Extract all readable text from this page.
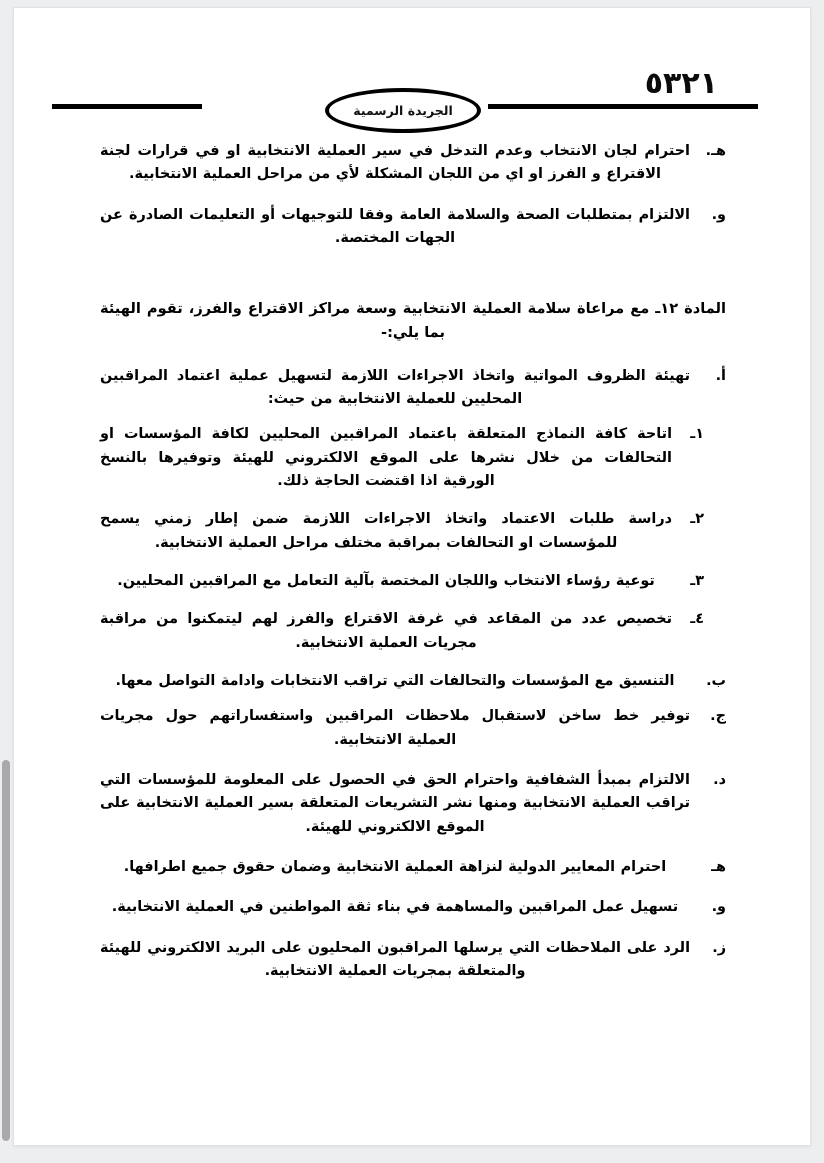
٥٣٢١
الجريدة الرسمية
هـ.
احترام لجان الانتخاب وعدم التدخل في سير العملية الانتخابية او في قرارات لجنة الاقتراع و الفرز او اي من اللجان المشكلة لأي من مراحل العملية الانتخابية.
و.
الالتزام بمتطلبات الصحة والسلامة العامة وفقا للتوجيهات أو التعليمات الصادرة عن الجهات المختصة.
المادة ١٢ـ مع مراعاة سلامة العملية الانتخابية وسعة مراكز الاقتراع والفرز، تقوم الهيئة بما يلي:-
أ.
تهيئة الظروف المواتية واتخاذ الاجراءات اللازمة لتسهيل عملية اعتماد المراقبين المحليين للعملية الانتخابية من حيث:
١ـ
اتاحة كافة النماذج المتعلقة باعتماد المراقبين المحليين لكافة المؤسسات او التحالفات من خلال نشرها على الموقع الالكتروني للهيئة وتوفيرها بالنسخ الورقية اذا اقتضت الحاجة ذلك.
٢ـ
دراسة طلبات الاعتماد واتخاذ الاجراءات اللازمة ضمن إطار زمني يسمح للمؤسسات او التحالفات بمراقبة مختلف مراحل العملية الانتخابية.
٣ـ
توعية رؤساء الانتخاب واللجان المختصة بآلية التعامل مع المراقبين المحليين.
٤ـ
تخصيص عدد من المقاعد في غرفة الاقتراع والفرز لهم ليتمكنوا من مراقبة مجريات العملية الانتخابية.
ب.
التنسيق مع المؤسسات والتحالفات التي تراقب الانتخابات وادامة التواصل معها.
ج.
توفير خط ساخن لاستقبال ملاحظات المراقبين واستفساراتهم حول مجريات العملية الانتخابية.
د.
الالتزام بمبدأ الشفافية واحترام الحق في الحصول على المعلومة للمؤسسات التي تراقب العملية الانتخابية ومنها نشر التشريعات المتعلقة بسير العملية الانتخابية على الموقع الالكتروني للهيئة.
هـ
احترام المعايير الدولية لنزاهة العملية الانتخابية وضمان حقوق جميع اطرافها.
و.
تسهيل عمل المراقبين والمساهمة في بناء ثقة المواطنين في العملية الانتخابية.
ز.
الرد على الملاحظات التي يرسلها المراقبون المحليون على البريد الالكتروني للهيئة والمتعلقة بمجريات العملية الانتخابية.
